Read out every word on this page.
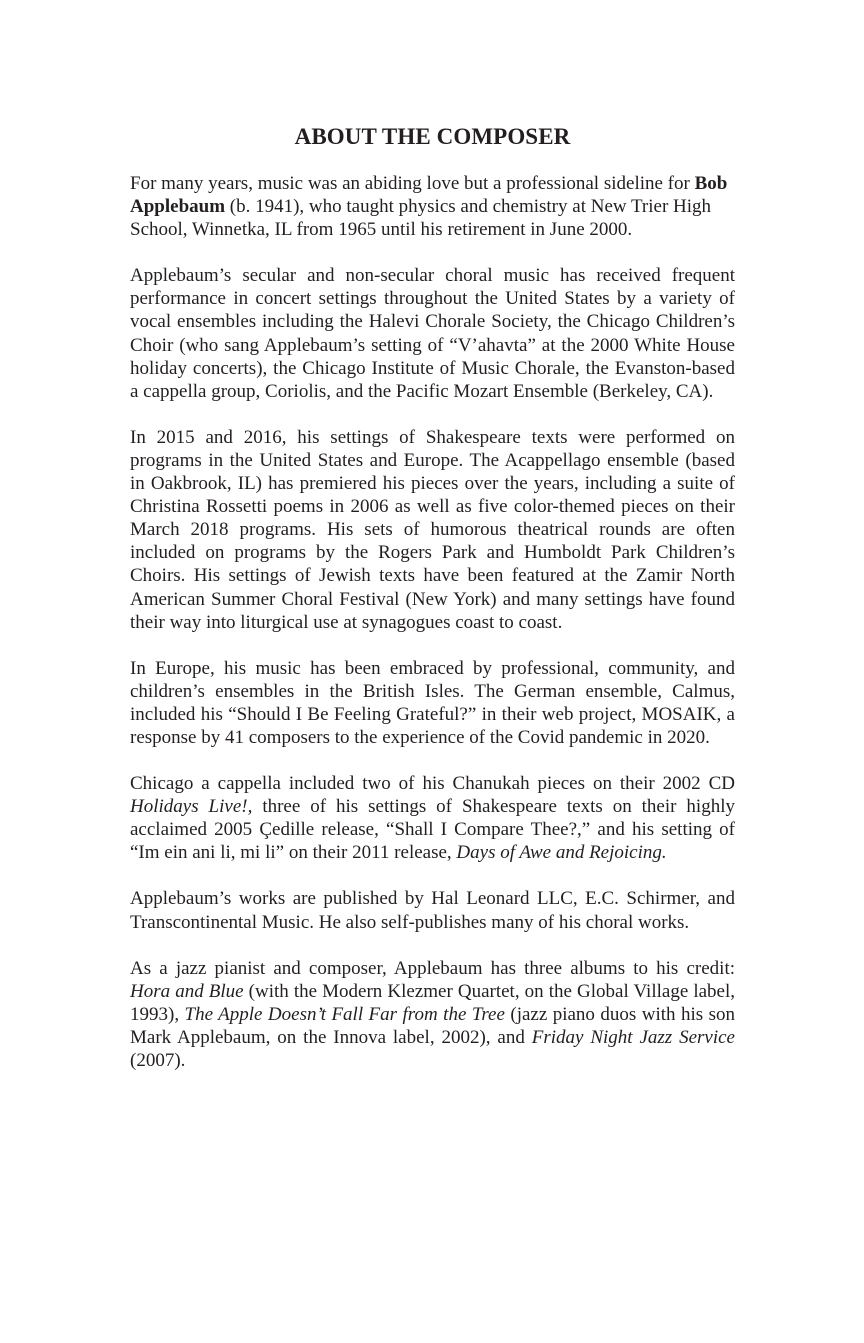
ABOUT THE COMPOSER

For many years, music was an abiding love but a professional sideline for Bob Applebaum (b. 1941), who taught physics and chemistry at New Trier High School, Winnetka, IL from 1965 until his retirement in June 2000.

Applebaum’s secular and non-secular choral music has received frequent performance in concert settings throughout the United States by a variety of vocal ensembles including the Halevi Chorale Society, the Chicago Children’s Choir (who sang Applebaum’s setting of “V’ahavta” at the 2000 White House holiday concerts), the Chicago Institute of Music Chorale, the Evanston-based a cappella group, Coriolis, and the Pacific Mozart Ensemble (Berkeley, CA).

In 2015 and 2016, his settings of Shakespeare texts were performed on programs in the United States and Europe. The Acappellago ensemble (based in Oakbrook, IL) has premiered his pieces over the years, including a suite of Christina Rossetti poems in 2006 as well as five color-themed pieces on their March 2018 programs. His sets of humorous theatrical rounds are often included on programs by the Rogers Park and Humboldt Park Children’s Choirs. His settings of Jewish texts have been featured at the Zamir North American Summer Choral Festival (New York) and many settings have found their way into liturgical use at synagogues coast to coast.

In Europe, his music has been embraced by professional, community, and children’s ensembles in the British Isles. The German ensemble, Calmus, included his “Should I Be Feeling Grateful?” in their web project, MOSAIK, a response by 41 composers to the experience of the Covid pandemic in 2020.

Chicago a cappella included two of his Chanukah pieces on their 2002 CD Holidays Live!, three of his settings of Shakespeare texts on their highly acclaimed 2005 Çedille release, “Shall I Compare Thee?,” and his setting of “Im ein ani li, mi li” on their 2011 release, Days of Awe and Rejoicing.

Applebaum’s works are published by Hal Leonard LLC, E.C. Schirmer, and Transcontinental Music. He also self-publishes many of his choral works.

As a jazz pianist and composer, Applebaum has three albums to his credit: Hora and Blue (with the Modern Klezmer Quartet, on the Global Village label, 1993), The Apple Doesn’t Fall Far from the Tree (jazz piano duos with his son Mark Applebaum, on the Innova label, 2002), and Friday Night Jazz Service (2007).
